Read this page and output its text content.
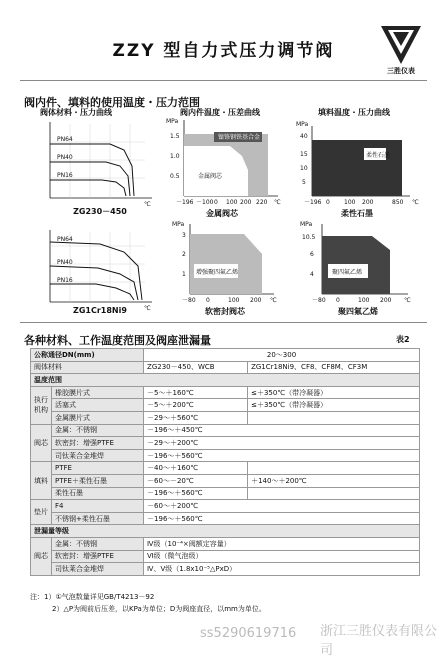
ZZY 型自力式压力调节阀
三胜仪表
阀内件、填料的使用温度・压力范围
阀体材料・压力曲线	阀内件温度・压差曲线	填料温度・压力曲线
PN64
PN40
PN16
℃
ZG230－450
MPa
1.5
1.0
0.5
－196 －100 0 100 200 220 ℃
镍铬钢铁基合金
金属阀芯
金属阀芯
MPa
40
15
10
5
－196 0 100 200	850 ℃
柔性石墨
柔性石墨
PN64
PN40
PN16
℃
ZG1Cr18Ni9
MPa
3
2
1
－80 0	100 200 ℃
增强聚四氟乙烯
软密封阀芯
MPa
10.5
6
4
－80 0	100 200 ℃
聚四氟乙烯
聚四氟乙烯
各种材料、工作温度范围及阀座泄漏量	表2
公称通径DN(mm)		20～300	
阀体材料		ZG230－450、WCB	ZG1Cr18Ni9、CF8、CF8M、CF3M
温度范围			
执行机构	橡胶膜片式	－5～＋160℃	≤＋350℃（带冷凝器）
	活塞式	－5～＋200℃	≤＋350℃（带冷凝器）
	金属膜片式	－29～＋560℃	
阀芯	金属：不锈钢	－196～＋450℃	
	软密封：增强PTFE	－29～＋200℃	
	司钛莱合金堆焊	－196～＋560℃	
填料	PTFE	－40～＋160℃	
	PTFE＋柔性石墨	－60～－20℃	＋140～＋200℃
	柔性石墨	－196～＋560℃	
垫片	F4	－60～＋200℃	
	不锈钢+柔性石墨	－196～＋560℃	
泄漏量等级			
阀芯	金属：不锈钢	Ⅳ级（10⁻⁴×阀额定容量）	
	软密封：增强PTFE	Ⅵ级（微气泡级）	
	司钛莱合金堆焊	Ⅳ、Ⅴ级（1.8x10⁻⁵△PxD）	
注：1）①气泡数量详见GB/T4213－92
2）△P为阀前后压差，以KPa为单位；D为阀座直径，以mm为单位。
浙江三胜仪表有限公司
ss5290619716
